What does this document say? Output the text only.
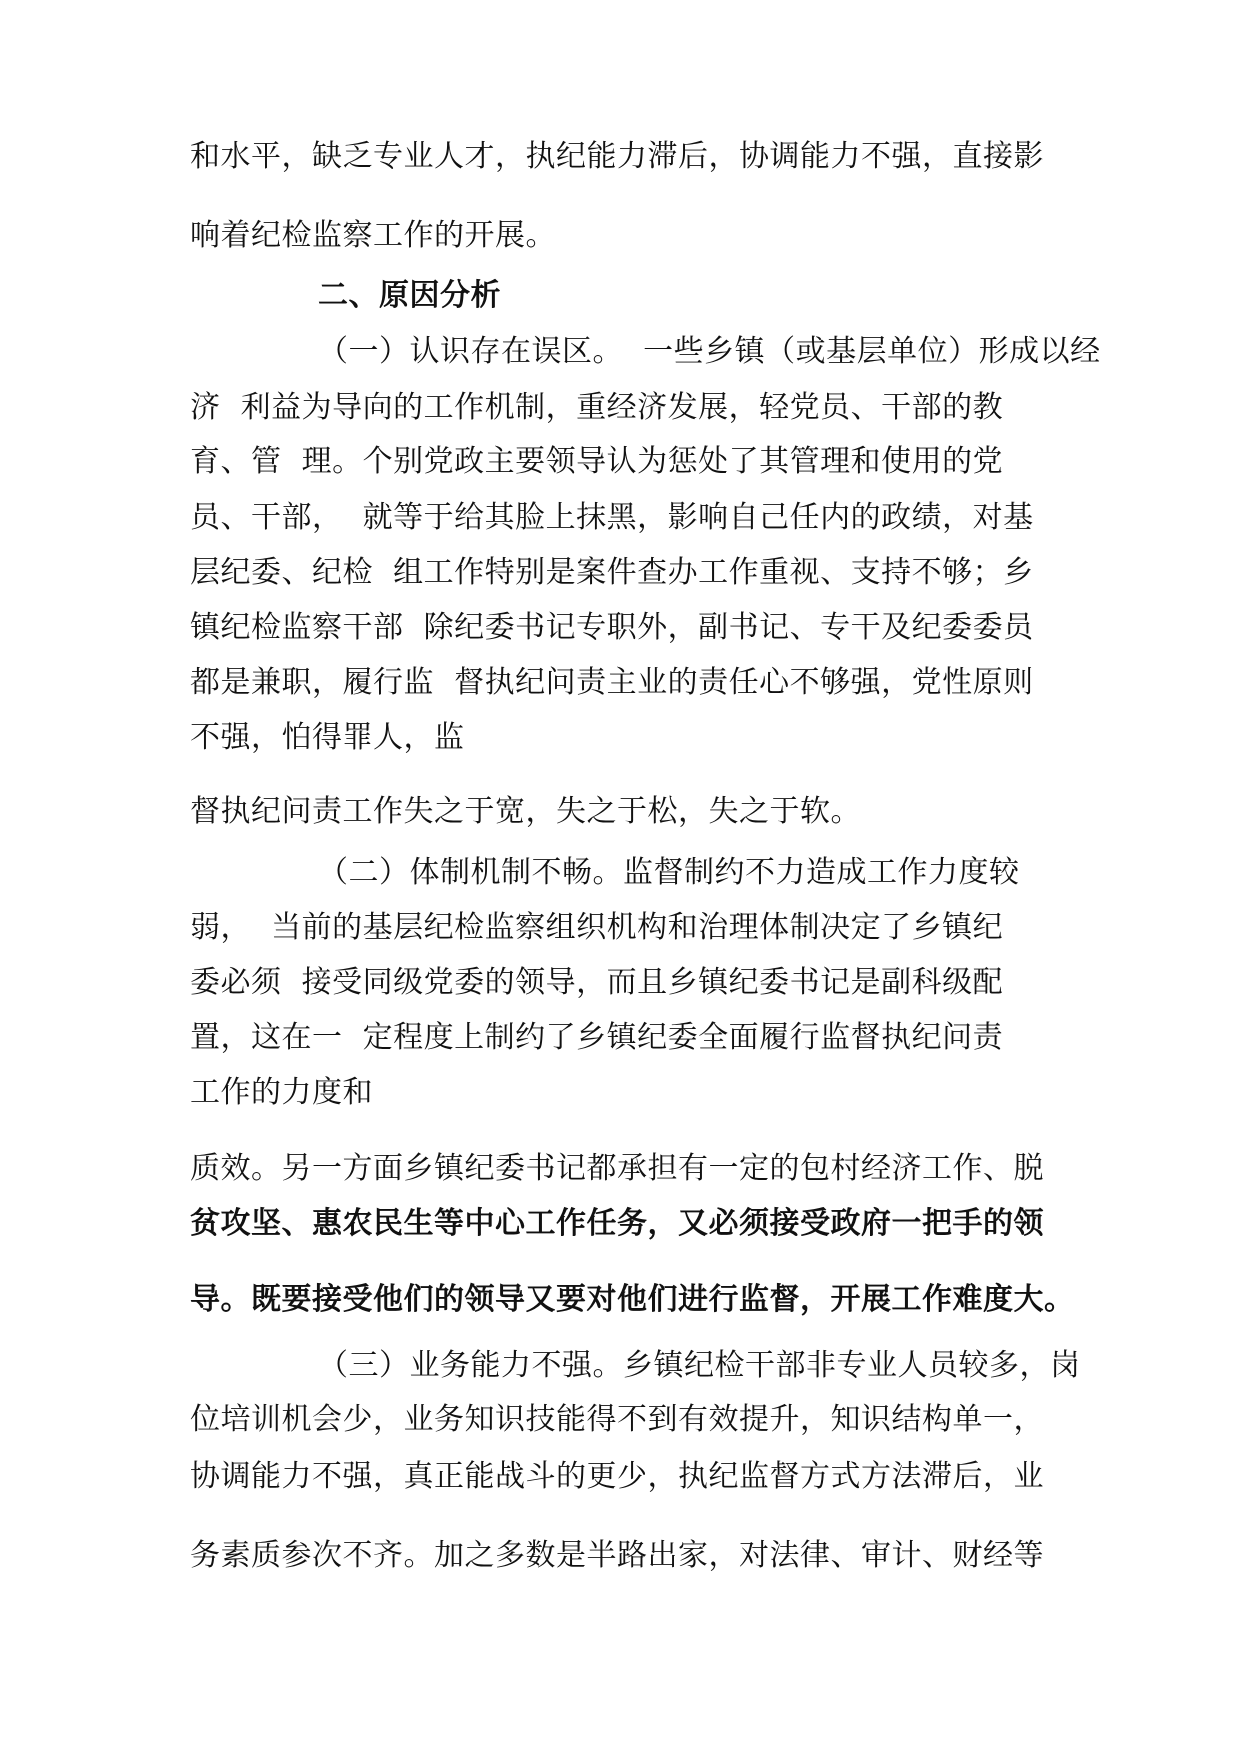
和水平，缺乏专业人才，执纪能力滞后，协调能力不强，直接影
响着纪检监察工作的开展。
二、原因分析
（一）认识存在误区。  一些乡镇（或基层单位）形成以经
济  利益为导向的工作机制，重经济发展，轻党员、干部的教
育、管  理。个别党政主要领导认为惩处了其管理和使用的党
员、干部，  就等于给其脸上抹黑，影响自己任内的政绩，对基
层纪委、纪检  组工作特别是案件查办工作重视、支持不够；乡
镇纪检监察干部  除纪委书记专职外，副书记、专干及纪委委员
都是兼职，履行监  督执纪问责主业的责任心不够强，党性原则
不强，怕得罪人，监
督执纪问责工作失之于宽，失之于松，失之于软。
（二）体制机制不畅。监督制约不力造成工作力度较
弱，  当前的基层纪检监察组织机构和治理体制决定了乡镇纪
委必须  接受同级党委的领导，而且乡镇纪委书记是副科级配
置，这在一  定程度上制约了乡镇纪委全面履行监督执纪问责
工作的力度和
质效。另一方面乡镇纪委书记都承担有一定的包村经济工作、脱
贫攻坚、惠农民生等中心工作任务，又必须接受政府一把手的领
导。既要接受他们的领导又要对他们进行监督，开展工作难度大。
（三）业务能力不强。乡镇纪检干部非专业人员较多，岗
位培训机会少，业务知识技能得不到有效提升，知识结构单一，
协调能力不强，真正能战斗的更少，执纪监督方式方法滞后，业
务素质参次不齐。加之多数是半路出家，对法律、审计、财经等
